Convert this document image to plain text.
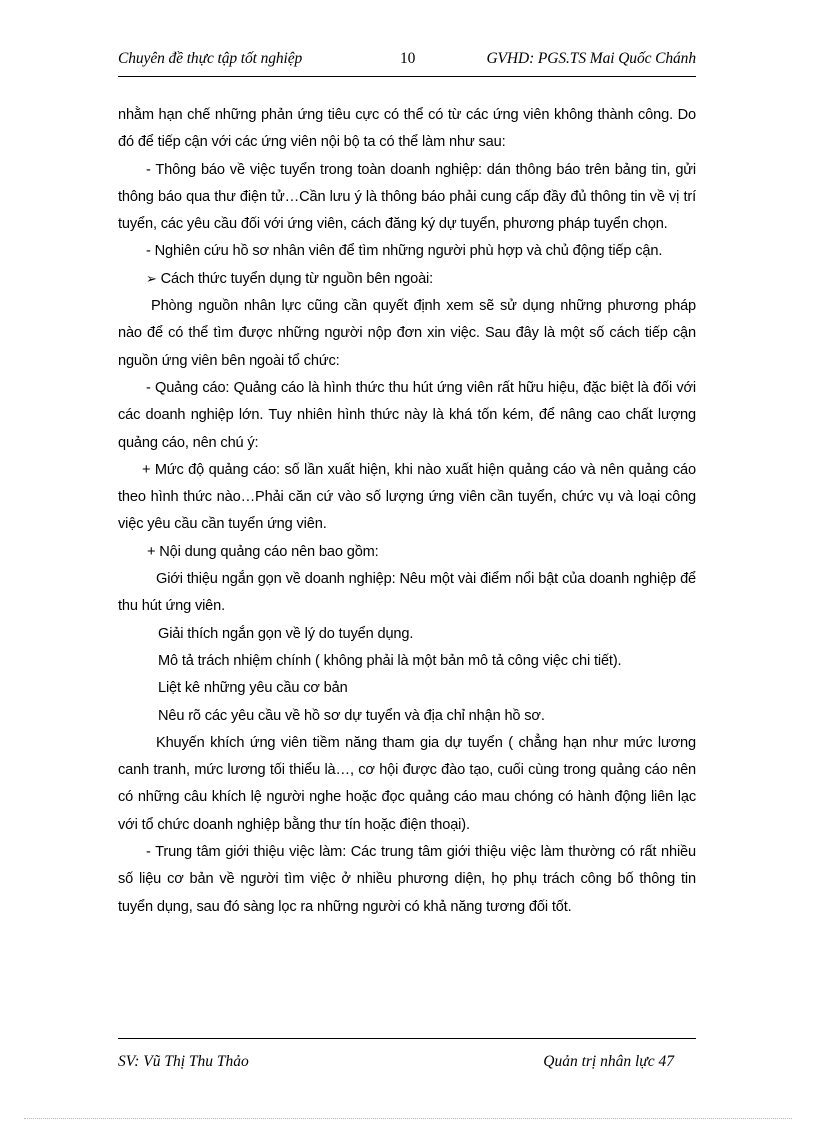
Chuyên đề thực tập tốt nghiệp	10	GVHD: PGS.TS Mai Quốc Chánh

nhằm hạn chế những phản ứng tiêu cực có thể có từ các ứng viên không thành công. Do đó để tiếp cận với các ứng viên nội bộ ta có thể làm như sau:

- Thông báo về việc tuyển trong toàn doanh nghiệp: dán thông báo trên bảng tin, gửi thông báo qua thư điện tử…Cần lưu ý là thông báo phải cung cấp đầy đủ thông tin về vị trí tuyển, các yêu cầu đối với ứng viên, cách đăng ký dự tuyển, phương pháp tuyển chọn.

- Nghiên cứu hồ sơ nhân viên để tìm những người phù hợp và chủ động tiếp cận.

➢ Cách thức tuyển dụng từ nguồn bên ngoài:

Phòng nguồn nhân lực cũng cần quyết định xem sẽ sử dụng những phương pháp nào để có thể tìm được những người nộp đơn xin việc. Sau đây là một số cách tiếp cận nguồn ứng viên bên ngoài tổ chức:

- Quảng cáo: Quảng cáo là hình thức thu hút ứng viên rất hữu hiệu, đặc biệt là đối với các doanh nghiệp lớn. Tuy nhiên hình thức này là khá tốn kém, để nâng cao chất lượng quảng cáo, nên chú ý:

+ Mức độ quảng cáo: số lần xuất hiện, khi nào xuất hiện quảng cáo và nên quảng cáo theo hình thức nào…Phải căn cứ vào số lượng ứng viên cần tuyển, chức vụ và loại công việc yêu cầu cần tuyển ứng viên.

+ Nội dung quảng cáo nên bao gồm:

Giới thiệu ngắn gọn về doanh nghiệp: Nêu một vài điểm nổi bật của doanh nghiệp để thu hút ứng viên.

Giải thích ngắn gọn về lý do tuyển dụng.

Mô tả trách nhiệm chính ( không phải là một bản mô tả công việc chi tiết).

Liệt kê những yêu cầu cơ bản

Nêu rõ các yêu cầu về hồ sơ dự tuyển và địa chỉ nhận hồ sơ.

Khuyến khích ứng viên tiềm năng tham gia dự tuyển ( chẳng hạn như mức lương canh tranh, mức lương tối thiểu là…, cơ hội được đào tạo, cuối cùng trong quảng cáo nên có những câu khích lệ người nghe hoặc đọc quảng cáo mau chóng có hành động liên lạc với tổ chức doanh nghiệp bằng thư tín hoặc điện thoại).

- Trung tâm giới thiệu việc làm: Các trung tâm giới thiệu việc làm thường có rất nhiều số liệu cơ bản về người tìm việc ở nhiều phương diện, họ phụ trách công bố thông tin tuyển dụng, sau đó sàng lọc ra những người có khả năng tương đối tốt.

SV: Vũ Thị Thu Thảo	Quản trị nhân lực 47
